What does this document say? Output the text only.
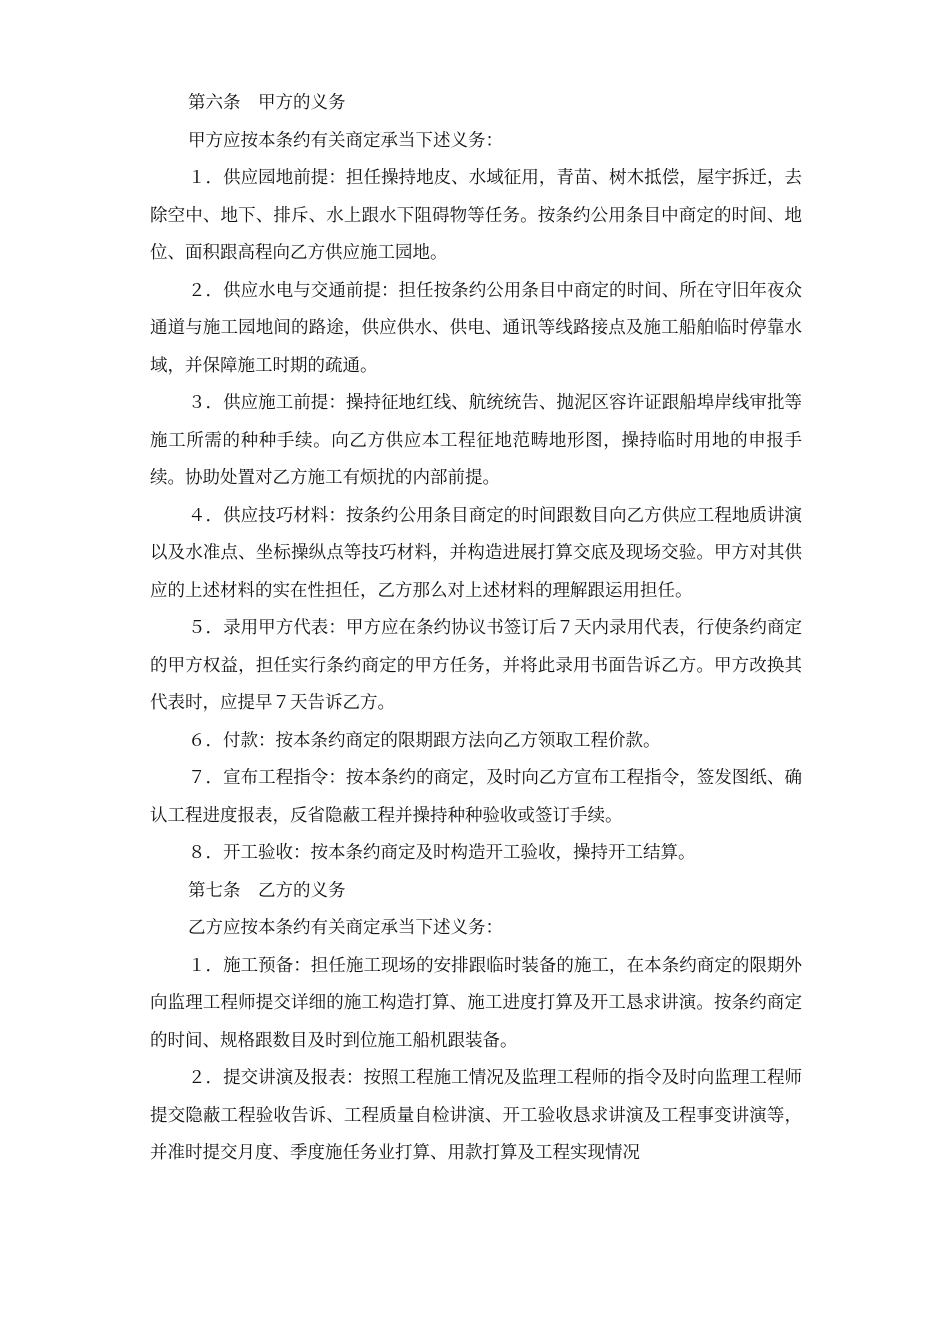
第六条　甲方的义务

甲方应按本条约有关商定承当下述义务：

１．供应园地前提：担任操持地皮、水域征用，青苗、树木抵偿，屋宇拆迁，去除空中、地下、排斥、水上跟水下阻碍物等任务。按条约公用条目中商定的时间、地位、面积跟高程向乙方供应施工园地。

２．供应水电与交通前提：担任按条约公用条目中商定的时间、所在守旧年夜众通道与施工园地间的路途，供应供水、供电、通讯等线路接点及施工船舶临时停靠水域，并保障施工时期的疏通。

３．供应施工前提：操持征地红线、航统统告、抛泥区容许证跟船埠岸线审批等施工所需的种种手续。向乙方供应本工程征地范畴地形图，操持临时用地的申报手续。协助处置对乙方施工有烦扰的内部前提。

４．供应技巧材料：按条约公用条目商定的时间跟数目向乙方供应工程地质讲演以及水准点、坐标操纵点等技巧材料，并构造进展打算交底及现场交验。甲方对其供应的上述材料的实在性担任，乙方那么对上述材料的理解跟运用担任。

５．录用甲方代表：甲方应在条约协议书签订后７天内录用代表，行使条约商定的甲方权益，担任实行条约商定的甲方任务，并将此录用书面告诉乙方。甲方改换其代表时，应提早７天告诉乙方。

６．付款：按本条约商定的限期跟方法向乙方领取工程价款。

７．宣布工程指令：按本条约的商定，及时向乙方宣布工程指令，签发图纸、确认工程进度报表，反省隐蔽工程并操持种种验收或签订手续。

８．开工验收：按本条约商定及时构造开工验收，操持开工结算。

第七条　乙方的义务

乙方应按本条约有关商定承当下述义务：

１．施工预备：担任施工现场的安排跟临时装备的施工，在本条约商定的限期外向监理工程师提交详细的施工构造打算、施工进度打算及开工恳求讲演。按条约商定的时间、规格跟数目及时到位施工船机跟装备。

２．提交讲演及报表：按照工程施工情况及监理工程师的指令及时向监理工程师提交隐蔽工程验收告诉、工程质量自检讲演、开工验收恳求讲演及工程事变讲演等，并准时提交月度、季度施任务业打算、用款打算及工程实现情况
